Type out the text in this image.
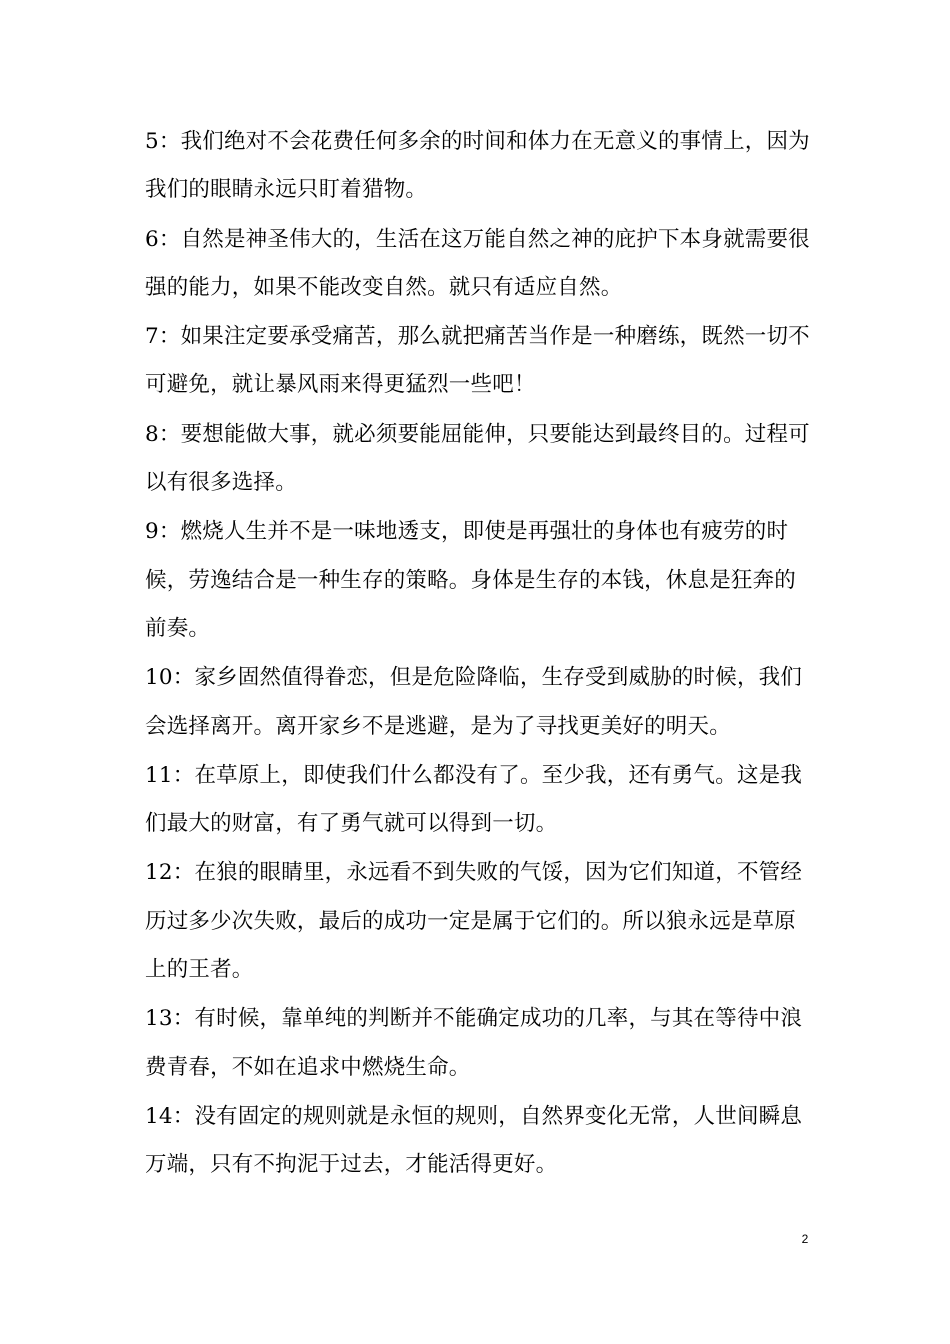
5：我们绝对不会花费任何多余的时间和体力在无意义的事情上，因为我们的眼睛永远只盯着猎物。

6：自然是神圣伟大的，生活在这万能自然之神的庇护下本身就需要很强的能力，如果不能改变自然。就只有适应自然。

7：如果注定要承受痛苦，那么就把痛苦当作是一种磨练，既然一切不可避免，就让暴风雨来得更猛烈一些吧！

8：要想能做大事，就必须要能屈能伸，只要能达到最终目的。过程可以有很多选择。

9：燃烧人生并不是一味地透支，即使是再强壮的身体也有疲劳的时候，劳逸结合是一种生存的策略。身体是生存的本钱，休息是狂奔的前奏。

10：家乡固然值得眷恋，但是危险降临，生存受到威胁的时候，我们会选择离开。离开家乡不是逃避，是为了寻找更美好的明天。

11：在草原上，即使我们什么都没有了。至少我，还有勇气。这是我们最大的财富，有了勇气就可以得到一切。

12：在狼的眼睛里，永远看不到失败的气馁，因为它们知道，不管经历过多少次失败，最后的成功一定是属于它们的。所以狼永远是草原上的王者。

13：有时候，靠单纯的判断并不能确定成功的几率，与其在等待中浪费青春，不如在追求中燃烧生命。

14：没有固定的规则就是永恒的规则，自然界变化无常，人世间瞬息万端，只有不拘泥于过去，才能活得更好。

2
